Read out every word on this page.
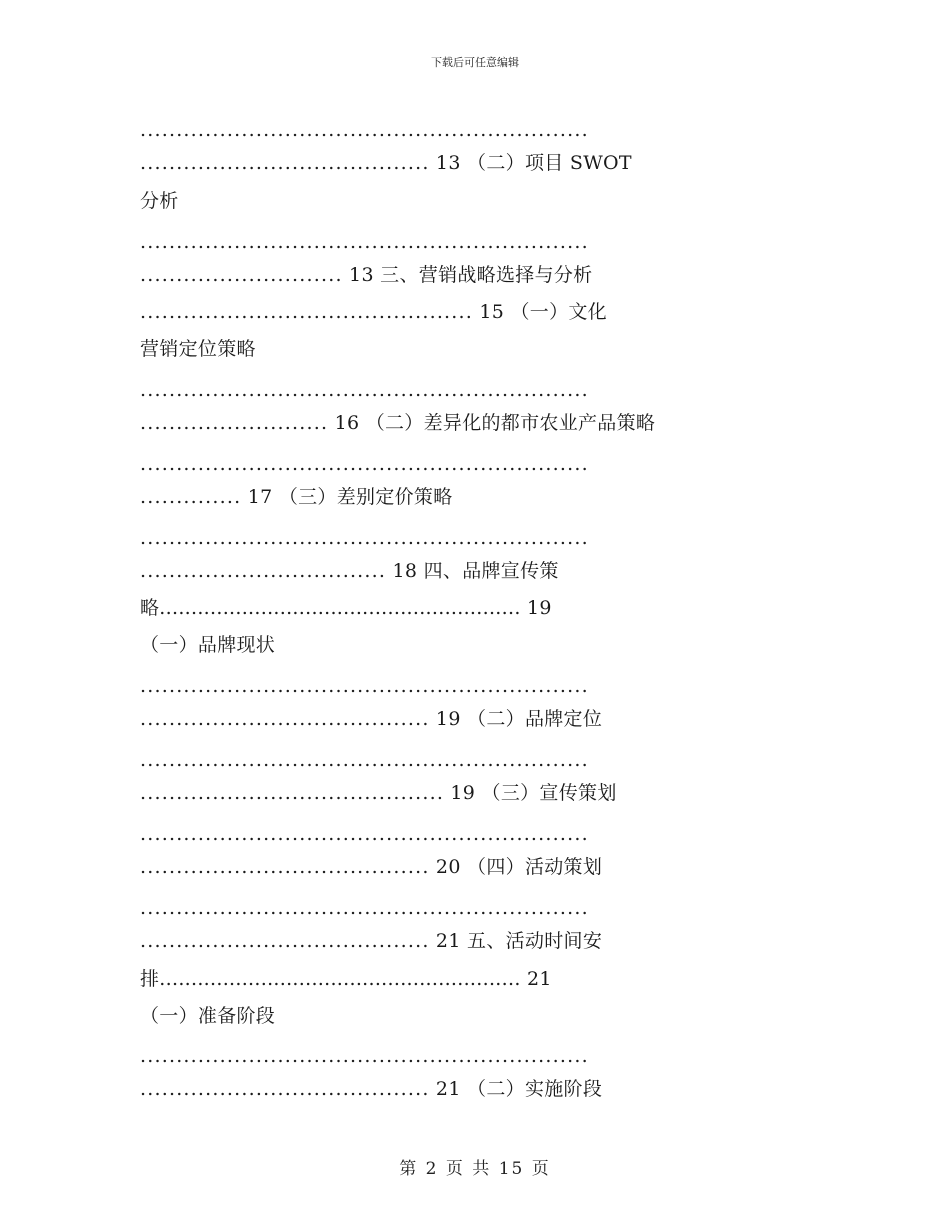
下载后可任意编辑
..............................................................
........................................ 13 （二）项目 SWOT
分析
..............................................................
............................ 13 三、营销战略选择与分析
.............................................. 15 （一）文化
营销定位策略
..............................................................
.......................... 16 （二）差异化的都市农业产品策略
..............................................................
.............. 17 （三）差别定价策略
..............................................................
.................................. 18 四、品牌宣传策
略......................................................... 19
（一）品牌现状
..............................................................
........................................ 19 （二）品牌定位
..............................................................
.......................................... 19 （三）宣传策划
..............................................................
........................................ 20 （四）活动策划
..............................................................
........................................ 21 五、活动时间安
排......................................................... 21
（一）准备阶段
..............................................................
........................................ 21 （二）实施阶段
第 2 页 共 15 页
